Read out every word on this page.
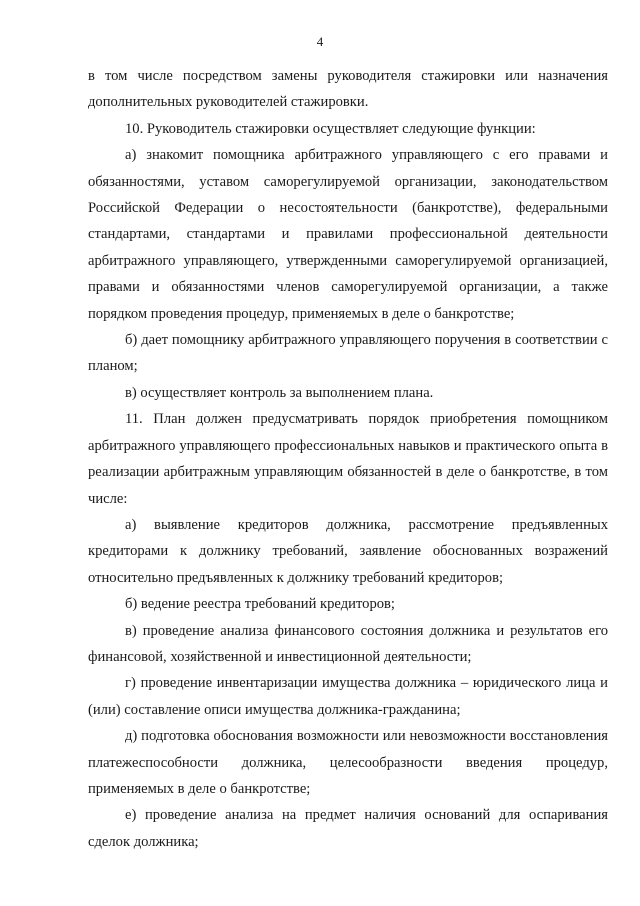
4

в том числе посредством замены руководителя стажировки или назначения дополнительных руководителей стажировки.

10. Руководитель стажировки осуществляет следующие функции:

а) знакомит помощника арбитражного управляющего с его правами и обязанностями, уставом саморегулируемой организации, законодательством Российской Федерации о несостоятельности (банкротстве), федеральными стандартами, стандартами и правилами профессиональной деятельности арбитражного управляющего, утвержденными саморегулируемой организацией, правами и обязанностями членов саморегулируемой организации, а также порядком проведения процедур, применяемых в деле о банкротстве;

б) дает помощнику арбитражного управляющего поручения в соответствии с планом;

в) осуществляет контроль за выполнением плана.

11. План должен предусматривать порядок приобретения помощником арбитражного управляющего профессиональных навыков и практического опыта в реализации арбитражным управляющим обязанностей в деле о банкротстве, в том числе:

а) выявление кредиторов должника, рассмотрение предъявленных кредиторами к должнику требований, заявление обоснованных возражений относительно предъявленных к должнику требований кредиторов;

б) ведение реестра требований кредиторов;

в) проведение анализа финансового состояния должника и результатов его финансовой, хозяйственной и инвестиционной деятельности;

г) проведение инвентаризации имущества должника – юридического лица и (или) составление описи имущества должника-гражданина;

д) подготовка обоснования возможности или невозможности восстановления платежеспособности должника, целесообразности введения процедур, применяемых в деле о банкротстве;

е) проведение анализа на предмет наличия оснований для оспаривания сделок должника;
